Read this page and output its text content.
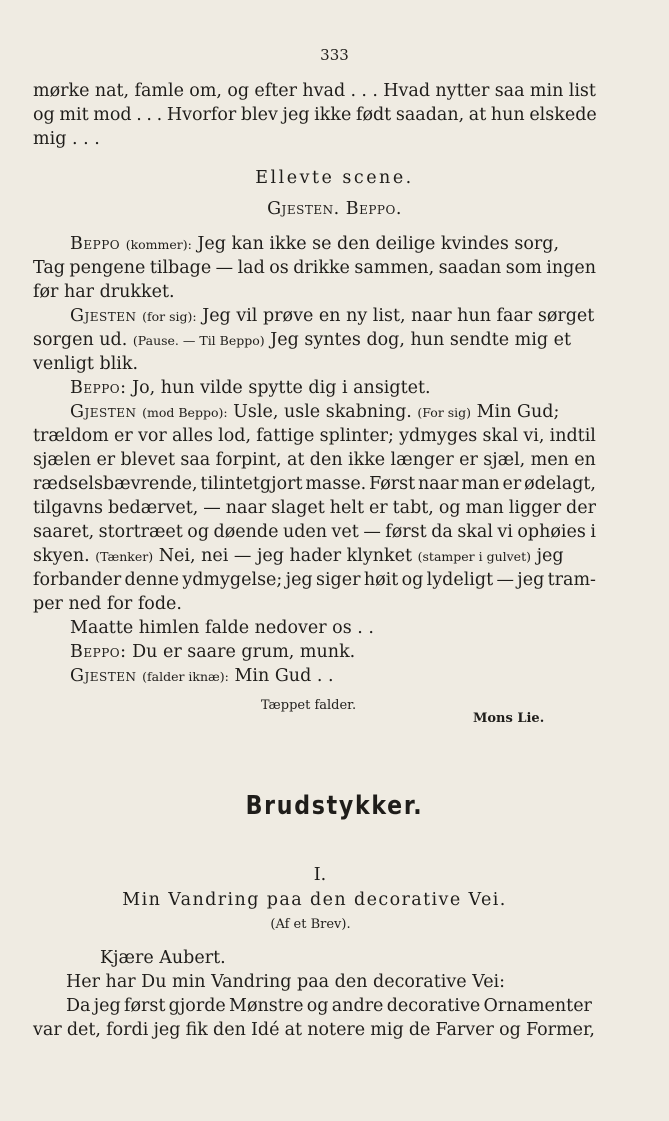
333
mørke nat, famle om, og efter hvad . . . Hvad nytter saa min list
og mit mod . . . Hvorfor blev jeg ikke født saadan, at hun elskede
mig . . .
Ellevte scene.
Gjesten. Beppo.
Beppo (kommer): Jeg kan ikke se den deilige kvindes sorg,
Tag pengene tilbage — lad os drikke sammen, saadan som ingen
før har drukket.
Gjesten (for sig): Jeg vil prøve en ny list, naar hun faar sørget
sorgen ud. (Pause. — Til Beppo) Jeg syntes dog, hun sendte mig et
venligt blik.
Beppo: Jo, hun vilde spytte dig i ansigtet.
Gjesten (mod Beppo): Usle, usle skabning. (For sig) Min Gud;
trældom er vor alles lod, fattige splinter; ydmyges skal vi, indtil
sjælen er blevet saa forpint, at den ikke længer er sjæl, men en
rædselsbævrende, tilintetgjort masse. Først naar man er ødelagt,
tilgavns bedærvet, — naar slaget helt er tabt, og man ligger der
saaret, stortræet og døende uden vet — først da skal vi ophøies i
skyen. (Tænker) Nei, nei — jeg hader klynket (stamper i gulvet) jeg
forbander denne ydmygelse; jeg siger høit og lydeligt — jeg tram-
per ned for fode.
Maatte himlen falde nedover os . .
Beppo: Du er saare grum, munk.
Gjesten (falder iknæ): Min Gud . .
Tæppet falder.
Mons Lie.
Brudstykker.
I.
Min Vandring paa den decorative Vei.
(Af et Brev).
Kjære Aubert.
Her har Du min Vandring paa den decorative Vei:
Da jeg først gjorde Mønstre og andre decorative Ornamenter
var det, fordi jeg fik den Idé at notere mig de Farver og Former,
